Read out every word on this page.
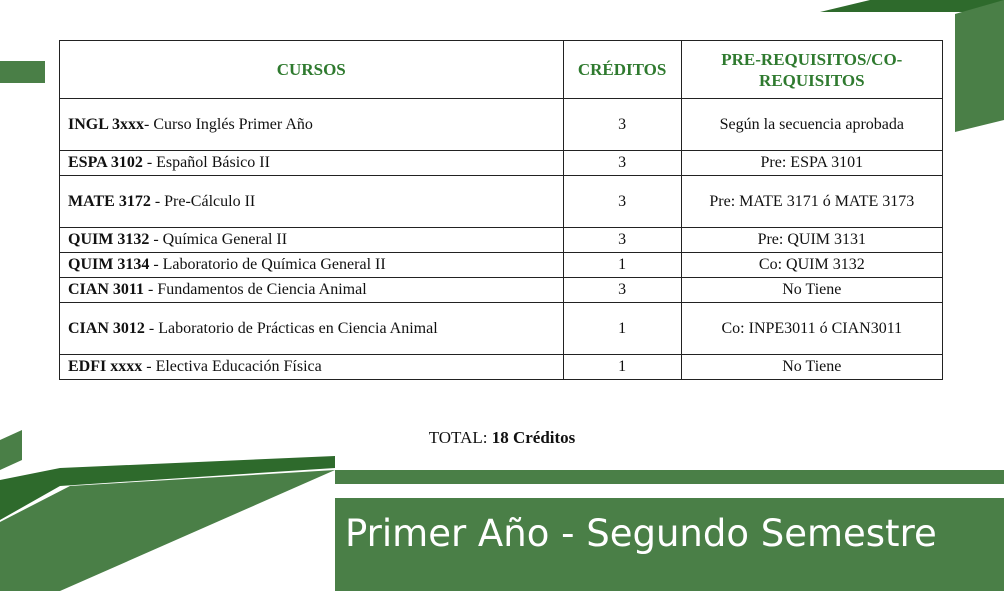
CURSOS	CRÉDITOS	PRE-REQUISITOS/CO-REQUISITOS
INGL 3xxx- Curso Inglés Primer Año	3	Según la secuencia aprobada
ESPA 3102 - Español Básico II	3	Pre: ESPA 3101
MATE 3172 - Pre-Cálculo II	3	Pre: MATE 3171 ó MATE 3173
QUIM 3132 - Química General II	3	Pre: QUIM 3131
QUIM 3134 - Laboratorio de Química General II	1	Co: QUIM 3132
CIAN 3011 - Fundamentos de Ciencia Animal	3	No Tiene
CIAN 3012 - Laboratorio de Prácticas en Ciencia Animal	1	Co: INPE3011 ó CIAN3011
EDFI xxxx - Electiva Educación Física	1	No Tiene
TOTAL: 18 Créditos
Primer Año - Segundo Semestre
